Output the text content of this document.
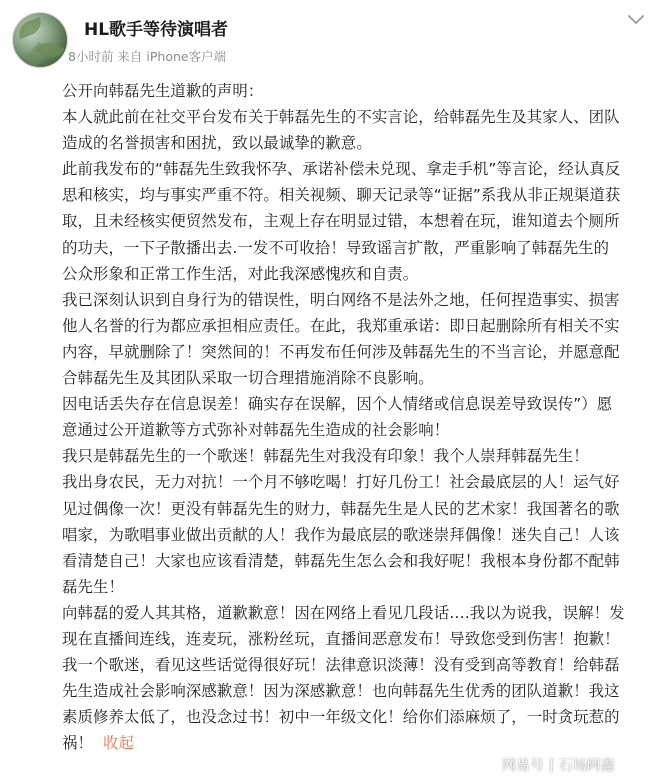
HL歌手等待演唱者
8小时前 来自 iPhone客户端

公开向韩磊先生道歉的声明：

本人就此前在社交平台发布关于韩磊先生的不实言论，给韩磊先生及其家人、团队

造成的名誉损害和困扰，致以最诚挚的歉意。

此前我发布的“韩磊先生致我怀孕、承诺补偿未兑现、拿走手机”等言论，经认真反

思和核实，均与事实严重不符。相关视频、聊天记录等“证据”系我从非正规渠道获

取，且未经核实便贸然发布，主观上存在明显过错，本想着在玩，谁知道去个厕所

的功夫，一下子散播出去.一发不可收拾！导致谣言扩散，严重影响了韩磊先生的

公众形象和正常工作生活，对此我深感愧疚和自责。

我已深刻认识到自身行为的错误性，明白网络不是法外之地，任何捏造事实、损害

他人名誉的行为都应承担相应责任。在此，我郑重承诺：即日起删除所有相关不实

内容，早就删除了！突然间的！不再发布任何涉及韩磊先生的不当言论，并愿意配

合韩磊先生及其团队采取一切合理措施消除不良影响。

因电话丢失存在信息误差！确实存在误解，因个人情绪或信息误差导致误传”）愿

意通过公开道歉等方式弥补对韩磊先生造成的社会影响！

我只是韩磊先生的一个歌迷！韩磊先生对我没有印象！我个人崇拜韩磊先生！

我出身农民，无力对抗！一个月不够吃喝！打好几份工！社会最底层的人！运气好

见过偶像一次！更没有韩磊先生的财力，韩磊先生是人民的艺术家！我国著名的歌

唱家，为歌唱事业做出贡献的人！我作为最底层的歌迷崇拜偶像！迷失自己！人该

看清楚自己！大家也应该看清楚，韩磊先生怎么会和我好呢！我根本身份都不配韩

磊先生！

向韩磊的爱人其其格，道歉歉意！因在网络上看见几段话….我以为说我，误解！发

现在直播间连线，连麦玩，涨粉丝玩，直播间恶意发布！导致您受到伤害！抱歉！

我一个歌迷，看见这些话觉得很好玩！法律意识淡薄！没有受到高等教育！给韩磊

先生造成社会影响深感歉意！因为深感歉意！也向韩磊先生优秀的团队道歉！我这

素质修养太低了，也没念过书！初中一年级文化！给你们添麻烦了，一时贪玩惹的

祸！ 收起

网易号 | 石场阿鑫
